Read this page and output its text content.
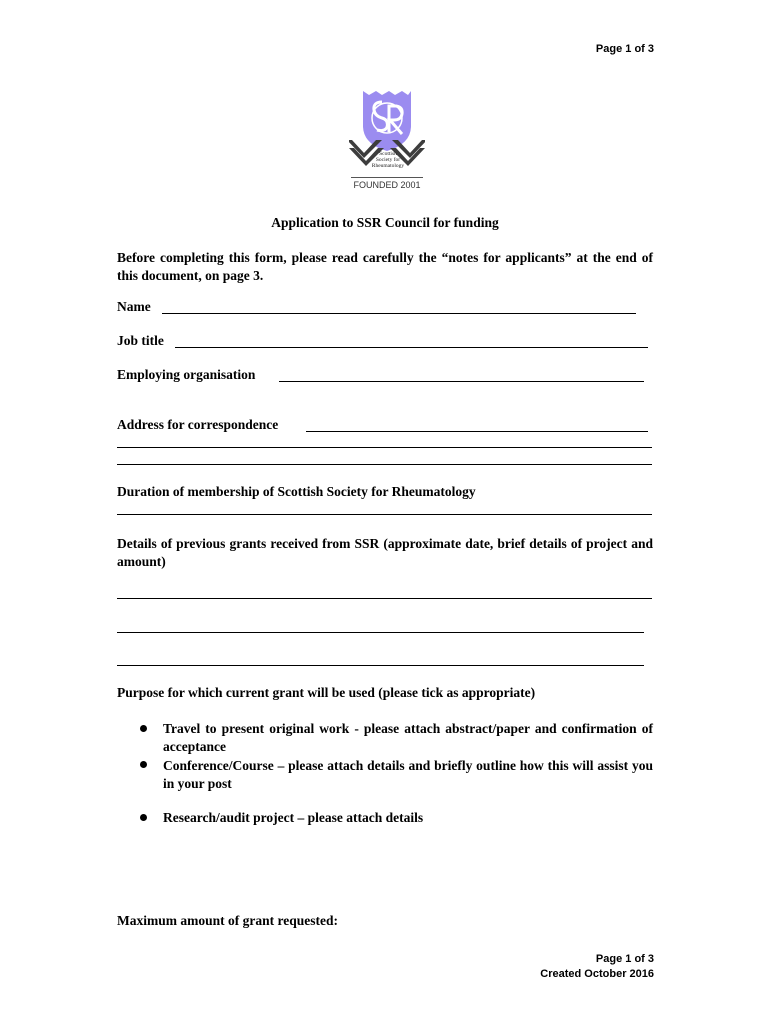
Page 1 of 3
Scottish
Society for
Rheumatology
FOUNDED 2001
Application to SSR Council for funding
Before completing this form, please read carefully the “notes for applicants” at the end of this document, on page 3.
Name
Job title
Employing organisation
Address for correspondence
Duration of membership of Scottish Society for Rheumatology
Details of previous grants received from SSR (approximate date, brief details of project and amount)
Purpose for which current grant will be used (please tick as appropriate)
Travel to present original work - please attach abstract/paper and confirmation of acceptance
Conference/Course – please attach details and briefly outline how this will assist you in your post
Research/audit project – please attach details
Maximum amount of grant requested:
Page 1 of 3
Created October 2016
